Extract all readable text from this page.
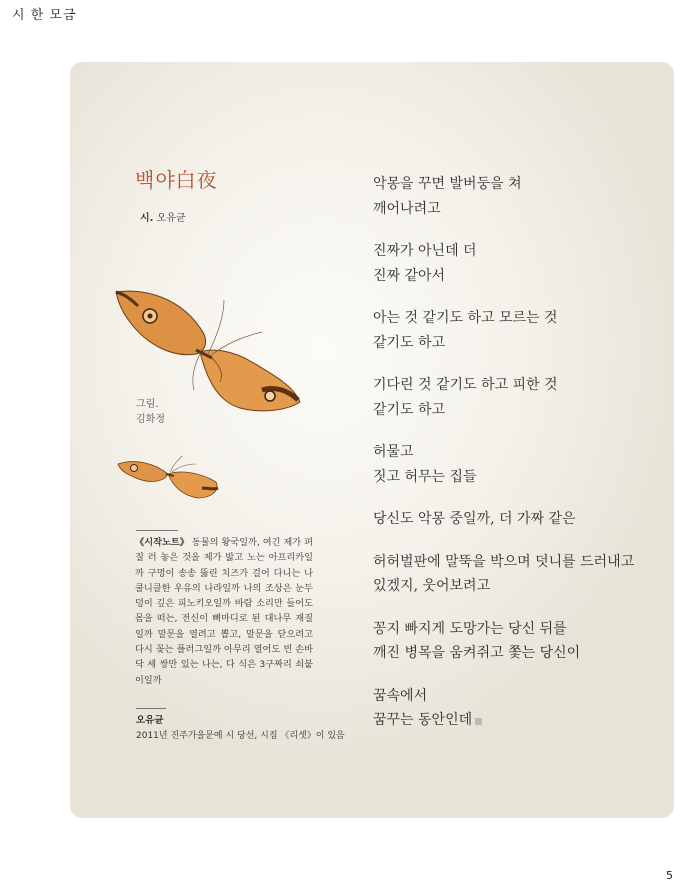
시 한 모금
백야白夜
시. 오유균
그림.
김화정
《시작노트》 동물의 왕국일까, 여긴 제가 펴질 러 놓은 것을 제가 밟고 노는 아프리카일까 구멍이 송송 뚫린 치즈가 걸어 다니는 나쿨니클한 우유의 나라일까 나의 조상은 눈두덩이 깊은 피노키오일까 바람 소리만 들어도 몸을 떠는, 전신이 뼈마디로 된 대나무 재질일까 말문을 열려고 뽑고, 말문을 닫으려고 다시 꽂는 플러그일까 아무리 열어도 빈 손바닥 세 쌍만 있는 나는, 다 식은 3구짜리 쇠붙이일까
오유균
2011년 진주가을문예 시 당선, 시집 《리셋》이 있음
악몽을 꾸면 발버둥을 쳐
깨어나려고
진짜가 아닌데 더
진짜 같아서
아는 것 같기도 하고 모르는 것
같기도 하고
기다린 것 같기도 하고 피한 것
같기도 하고
허물고
짓고 허무는 집들
당신도 악몽 중일까, 더 가짜 같은
허허벌판에 말뚝을 박으며 덧니를 드러내고
있겠지, 웃어보려고
꽁지 빠지게 도망가는 당신 뒤를
깨진 병목을 움켜쥐고 쫓는 당신이
꿈속에서
꿈꾸는 동안인데
5
